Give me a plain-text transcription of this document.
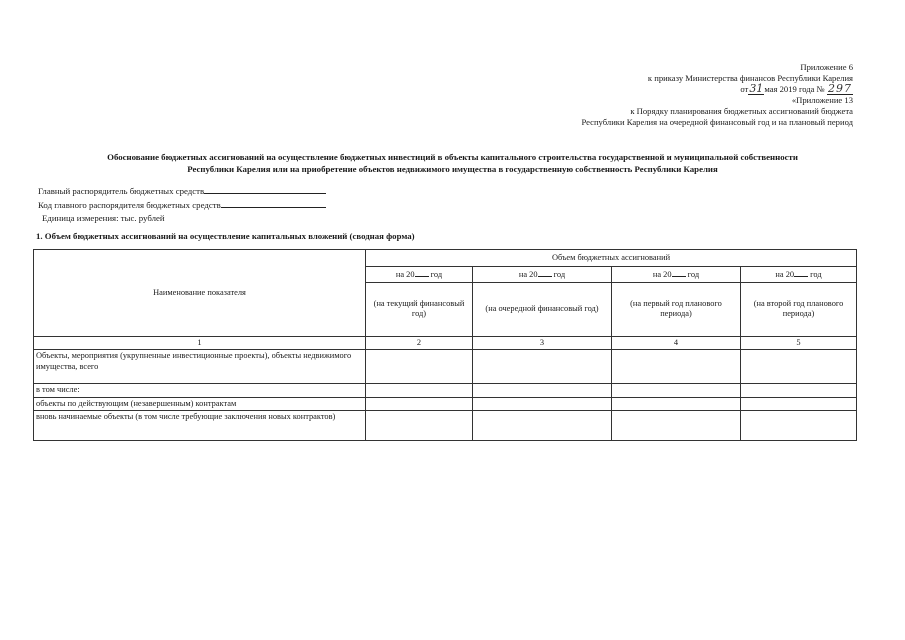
Приложение 6
к приказу Министерства финансов Республики Карелия
от31мая 2019 года № 297
«Приложение 13
к Порядку планирования бюджетных ассигнований бюджета
Республики Карелия на очередной финансовый год и на плановый период
Обоснование бюджетных ассигнований на осуществление бюджетных инвестиций в объекты капитального строительства государственной и муниципальной собственности
Республики Карелия или на приобретение объектов недвижимого имущества в государственную собственность Республики Карелия
Главный распорядитель бюджетных средств
Код главного распорядителя бюджетных средств
Единица измерения: тыс. рублей
1. Объем бюджетных ассигнований на осуществление капитальных вложений (сводная форма)
Наименование показателя	Объем бюджетных ассигнований			
	на 20 год	на 20 год	на 20 год	на 20 год
	(на текущий финансовый год)	(на очередной финансовый год)	(на первый год планового периода)	(на второй год планового периода)
1	2	3	4	5
Объекты, мероприятия (укрупненные инвестиционные проекты), объекты недвижимого имущества, всего				
в том числе:				
объекты по действующим (незавершенным) контрактам				
вновь начинаемые объекты (в том числе требующие заключения новых контрактов)				
